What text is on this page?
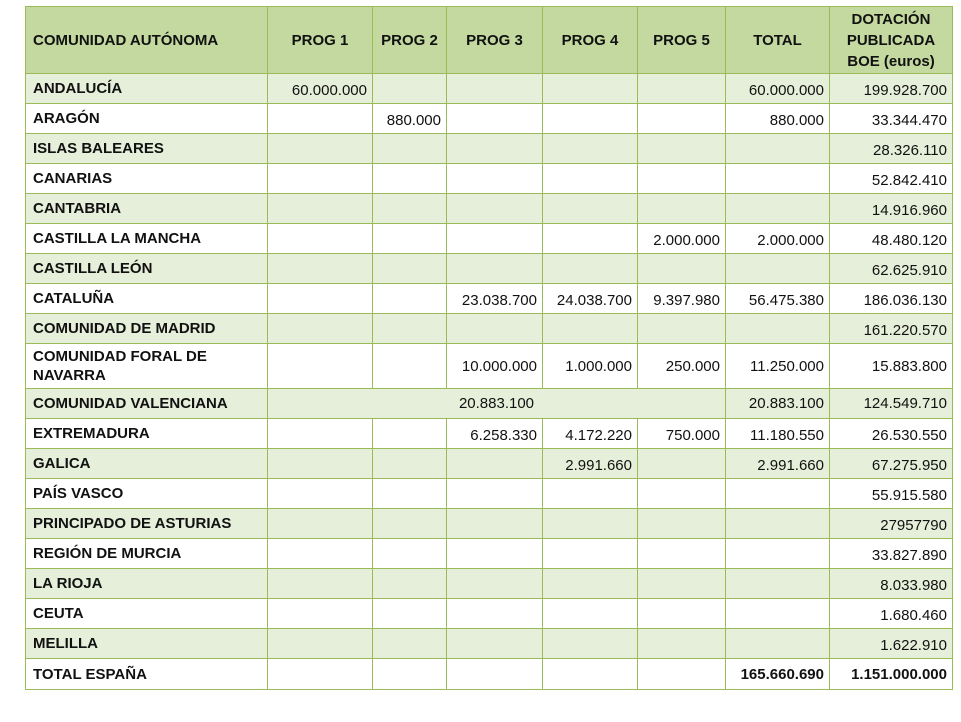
COMUNIDAD AUTÓNOMA	PROG 1	PROG 2	PROG 3	PROG 4	PROG 5	TOTAL	DOTACIÓN PUBLICADA BOE (euros)
ANDALUCÍA	60.000.000					60.000.000	199.928.700
ARAGÓN		880.000				880.000	33.344.470
ISLAS BALEARES							28.326.110
CANARIAS							52.842.410
CANTABRIA							14.916.960
CASTILLA LA MANCHA					2.000.000	2.000.000	48.480.120
CASTILLA LEÓN							62.625.910
CATALUÑA			23.038.700	24.038.700	9.397.980	56.475.380	186.036.130
COMUNIDAD DE MADRID							161.220.570
COMUNIDAD FORAL DE NAVARRA			10.000.000	1.000.000	250.000	11.250.000	15.883.800
COMUNIDAD VALENCIANA	20.883.100					20.883.100	124.549.710
EXTREMADURA			6.258.330	4.172.220	750.000	11.180.550	26.530.550
GALICA				2.991.660		2.991.660	67.275.950
PAÍS VASCO							55.915.580
PRINCIPADO DE ASTURIAS							27957790
REGIÓN DE MURCIA							33.827.890
LA RIOJA							8.033.980
CEUTA							1.680.460
MELILLA							1.622.910
TOTAL ESPAÑA						165.660.690	1.151.000.000
